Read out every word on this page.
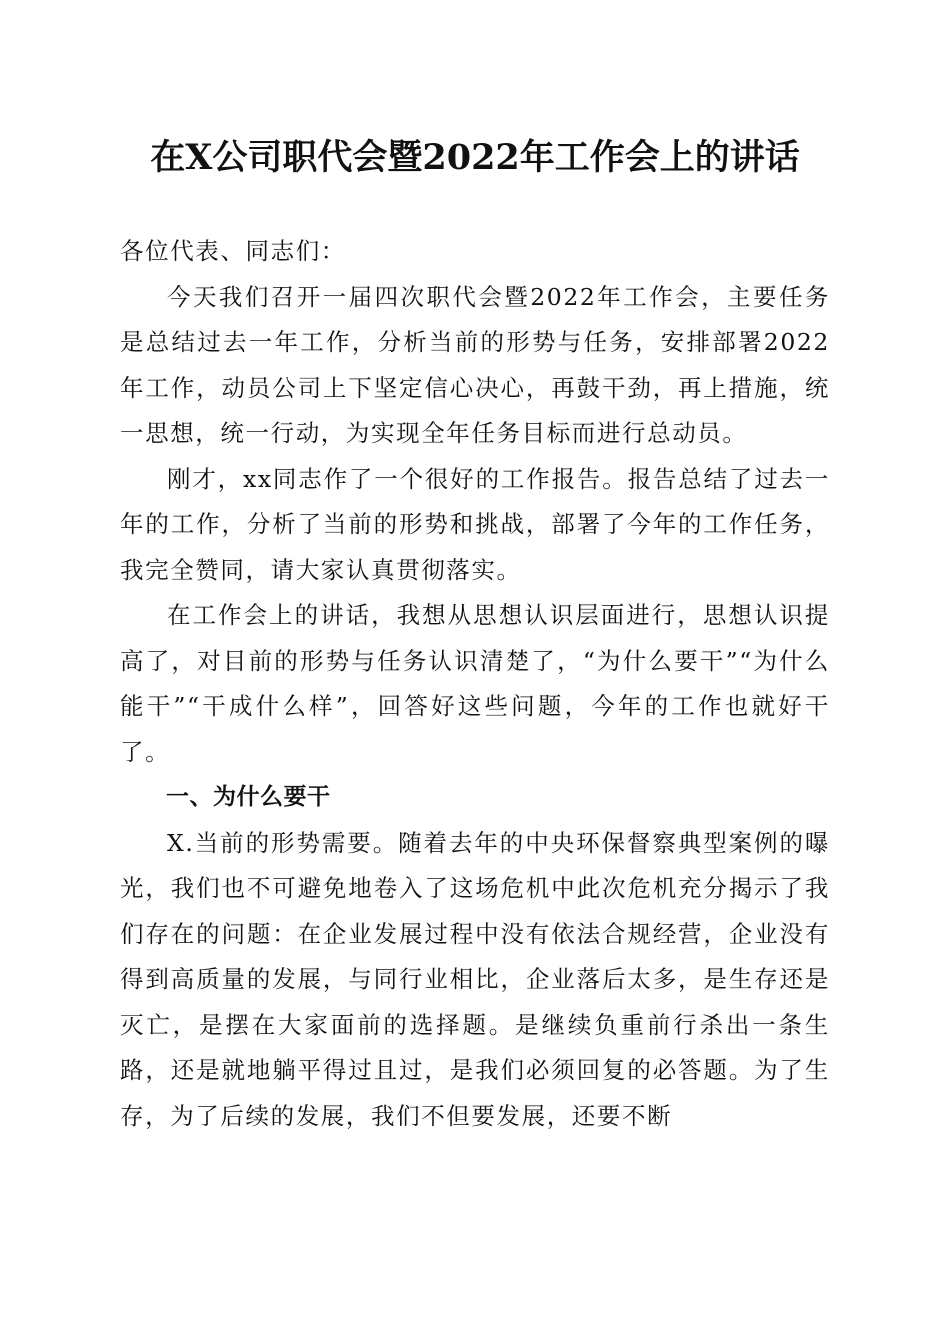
在X公司职代会暨2022年工作会上的讲话

各位代表、同志们：

今天我们召开一届四次职代会暨2022年工作会，主要任务是总结过去一年工作，分析当前的形势与任务，安排部署2022年工作，动员公司上下坚定信心决心，再鼓干劲，再上措施，统一思想，统一行动，为实现全年任务目标而进行总动员。

刚才，xx同志作了一个很好的工作报告。报告总结了过去一年的工作，分析了当前的形势和挑战，部署了今年的工作任务，我完全赞同，请大家认真贯彻落实。

在工作会上的讲话，我想从思想认识层面进行，思想认识提高了，对目前的形势与任务认识清楚了，“为什么要干”“为什么能干”“干成什么样”，回答好这些问题，今年的工作也就好干了。

一、为什么要干

X.当前的形势需要。随着去年的中央环保督察典型案例的曝光，我们也不可避免地卷入了这场危机中此次危机充分揭示了我们存在的问题：在企业发展过程中没有依法合规经营，企业没有得到高质量的发展，与同行业相比，企业落后太多，是生存还是灭亡，是摆在大家面前的选择题。是继续负重前行杀出一条生路，还是就地躺平得过且过，是我们必须回复的必答题。为了生存，为了后续的发展，我们不但要发展，还要不断
